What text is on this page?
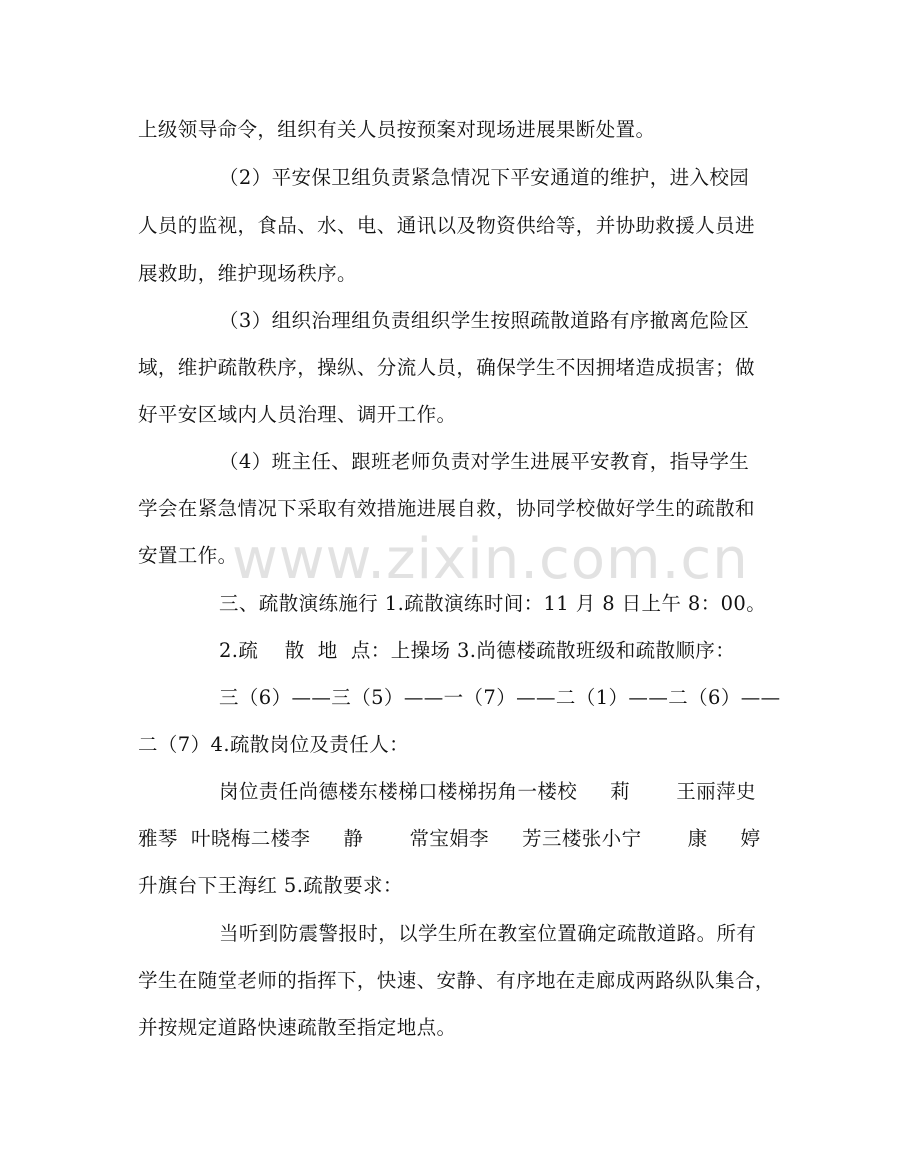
上级领导命令，组织有关人员按预案对现场进展果断处置。
（2）平安保卫组负责紧急情况下平安通道的维护，进入校园
人员的监视，食品、水、电、通讯以及物资供给等，并协助救援人员进
展救助，维护现场秩序。
（3）组织治理组负责组织学生按照疏散道路有序撤离危险区
域，维护疏散秩序，操纵、分流人员，确保学生不因拥堵造成损害；做
好平安区域内人员治理、调开工作。
（4）班主任、跟班老师负责对学生进展平安教育，指导学生
学会在紧急情况下采取有效措施进展自救，协同学校做好学生的疏散和
安置工作。
三、疏散演练施行 1.疏散演练时间：11 月 8 日上午 8：00。
2.疏    散  地  点：上操场 3.尚德楼疏散班级和疏散顺序：
三（6）——三（5）——一（7）——二（1）——二（6）——
二（7）4.疏散岗位及责任人：
岗位责任尚德楼东楼梯口楼梯拐角一楼校     莉       王丽萍史
雅琴  叶晓梅二楼李     静       常宝娟李     芳三楼张小宁       康     婷
升旗台下王海红 5.疏散要求：
当听到防震警报时，以学生所在教室位置确定疏散道路。所有
学生在随堂老师的指挥下，快速、安静、有序地在走廊成两路纵队集合，
并按规定道路快速疏散至指定地点。
www.zixin.com.cn
